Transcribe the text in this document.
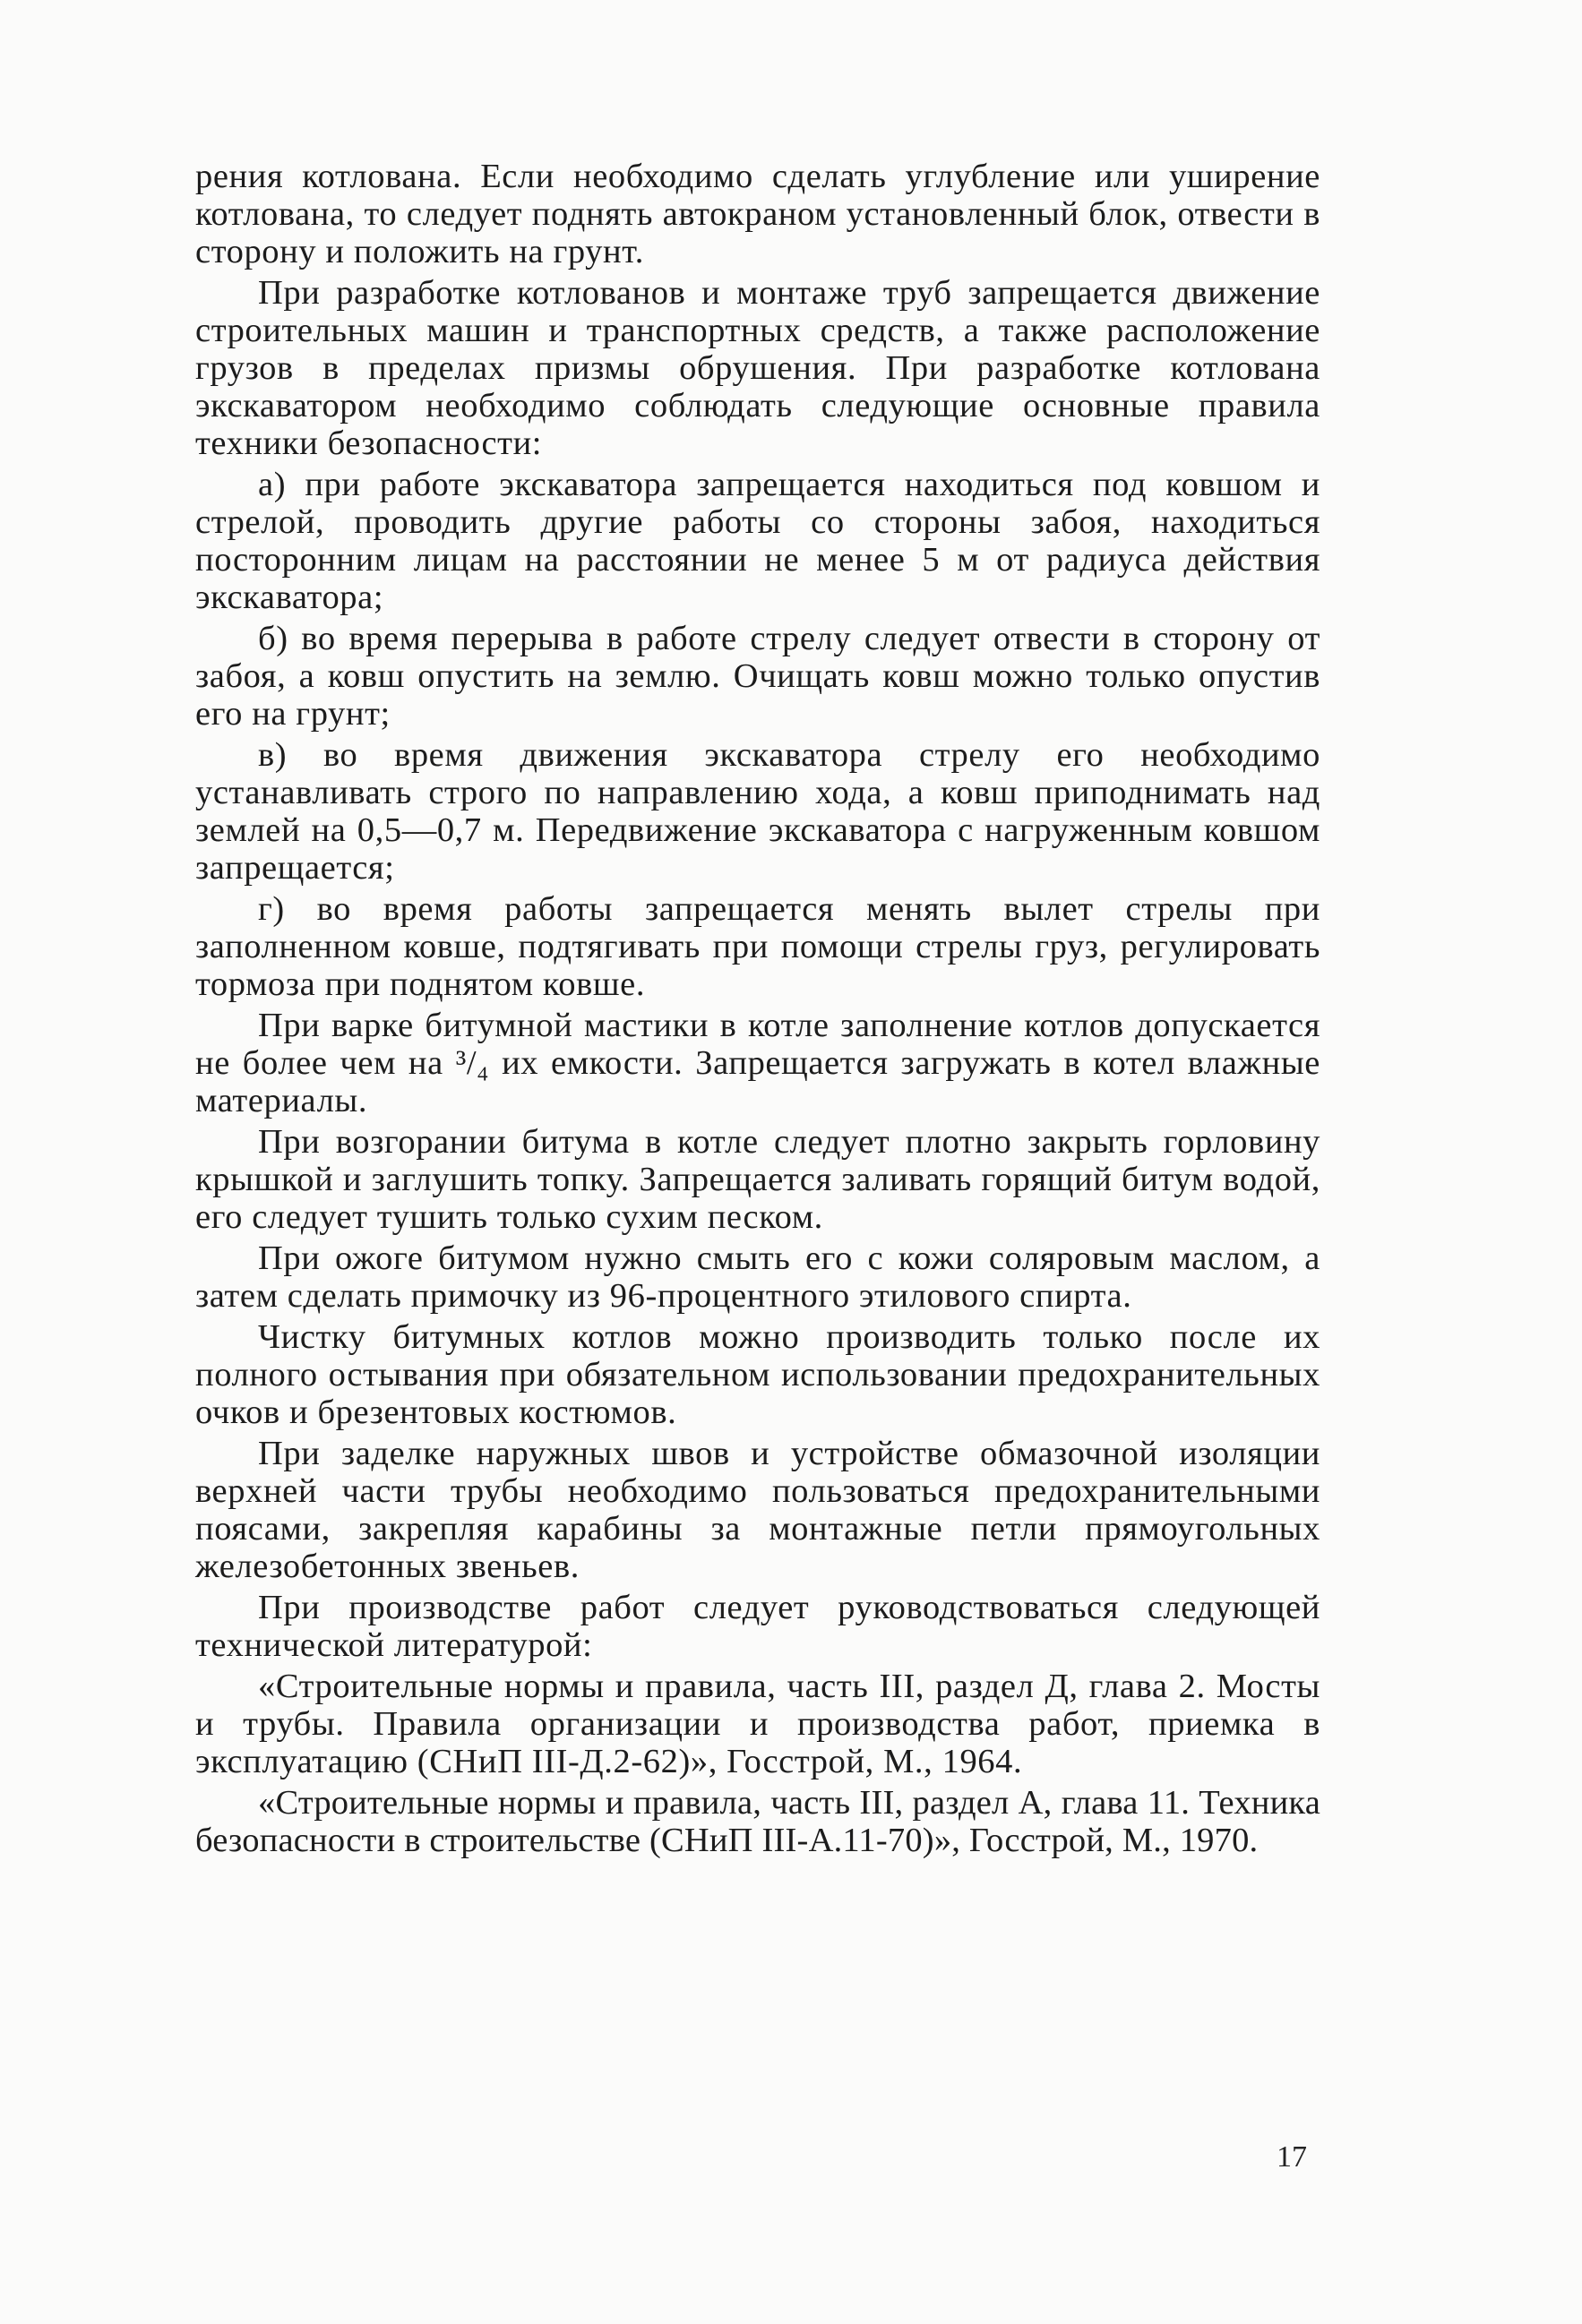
рения котлована. Если необходимо сделать углубление или уширение котлована, то следует поднять автокраном установленный блок, отвести в сторону и положить на грунт.

При разработке котлованов и монтаже труб запрещается движение строительных машин и транспортных средств, а также расположение грузов в пределах призмы обрушения. При разработке котлована экскаватором необходимо соблюдать следующие основные правила техники безопасности:

а) при работе экскаватора запрещается находиться под ковшом и стрелой, проводить другие работы со стороны забоя, находиться посторонним лицам на расстоянии не менее 5 м от радиуса действия экскаватора;

б) во время перерыва в работе стрелу следует отвести в сторону от забоя, а ковш опустить на землю. Очищать ковш можно только опустив его на грунт;

в) во время движения экскаватора стрелу его необходимо устанавливать строго по направлению хода, а ковш приподнимать над землей на 0,5—0,7 м. Передвижение экскаватора с нагруженным ковшом запрещается;

г) во время работы запрещается менять вылет стрелы при заполненном ковше, подтягивать при помощи стрелы груз, регулировать тормоза при поднятом ковше.

При варке битумной мастики в котле заполнение котлов допускается не более чем на ³/₄ их емкости. Запрещается загружать в котел влажные материалы.

При возгорании битума в котле следует плотно закрыть горловину крышкой и заглушить топку. Запрещается заливать горящий битум водой, его следует тушить только сухим песком.

При ожоге битумом нужно смыть его с кожи соляровым маслом, а затем сделать примочку из 96-процентного этилового спирта.

Чистку битумных котлов можно производить только после их полного остывания при обязательном использовании предохранительных очков и брезентовых костюмов.

При заделке наружных швов и устройстве обмазочной изоляции верхней части трубы необходимо пользоваться предохранительными поясами, закрепляя карабины за монтажные петли прямоугольных железобетонных звеньев.

При производстве работ следует руководствоваться следующей технической литературой:

«Строительные нормы и правила, часть III, раздел Д, глава 2. Мосты и трубы. Правила организации и производства работ, приемка в эксплуатацию (СНиП III-Д.2-62)», Госстрой, М., 1964.

«Строительные нормы и правила, часть III, раздел А, глава 11. Техника безопасности в строительстве (СНиП III-А.11-70)», Госстрой, М., 1970.

17
